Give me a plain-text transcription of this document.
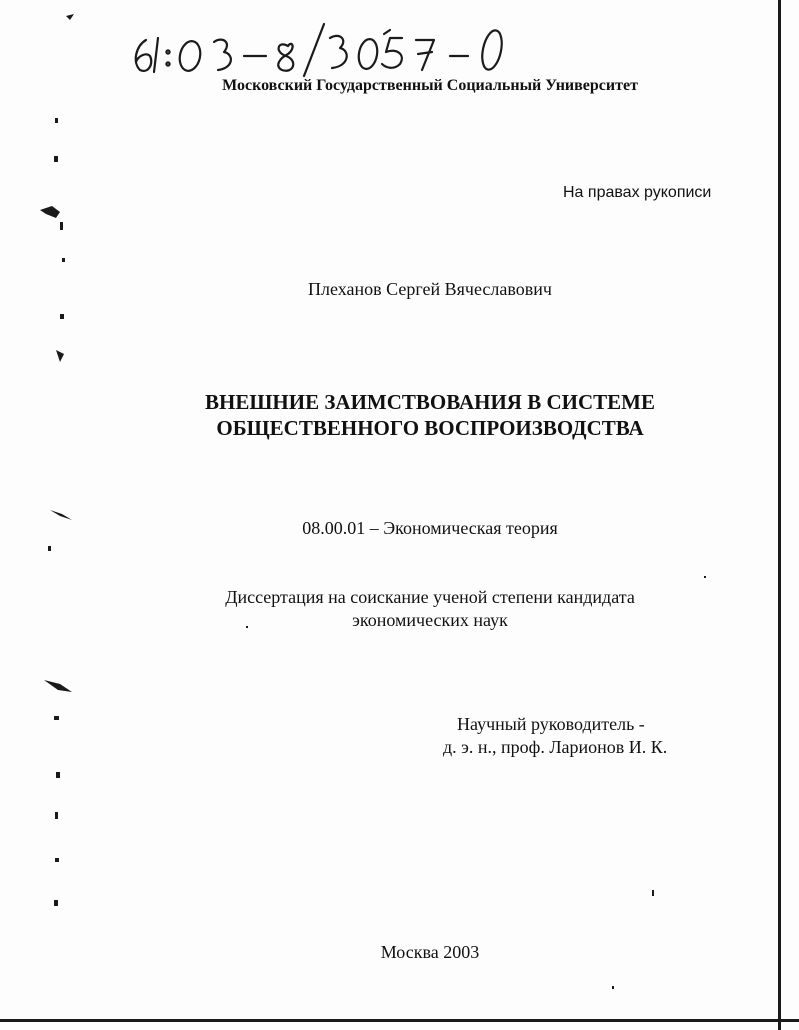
Московский Государственный Социальный Университет
На правах рукописи
Плеханов Сергей Вячеславович
ВНЕШНИЕ ЗАИМСТВОВАНИЯ В СИСТЕМЕ
ОБЩЕСТВЕННОГО ВОСПРОИЗВОДСТВА
08.00.01 – Экономическая теория
Диссертация на соискание ученой степени кандидата
экономических наук
Научный руководитель -
д. э. н., проф. Ларионов И. К.
Москва 2003
